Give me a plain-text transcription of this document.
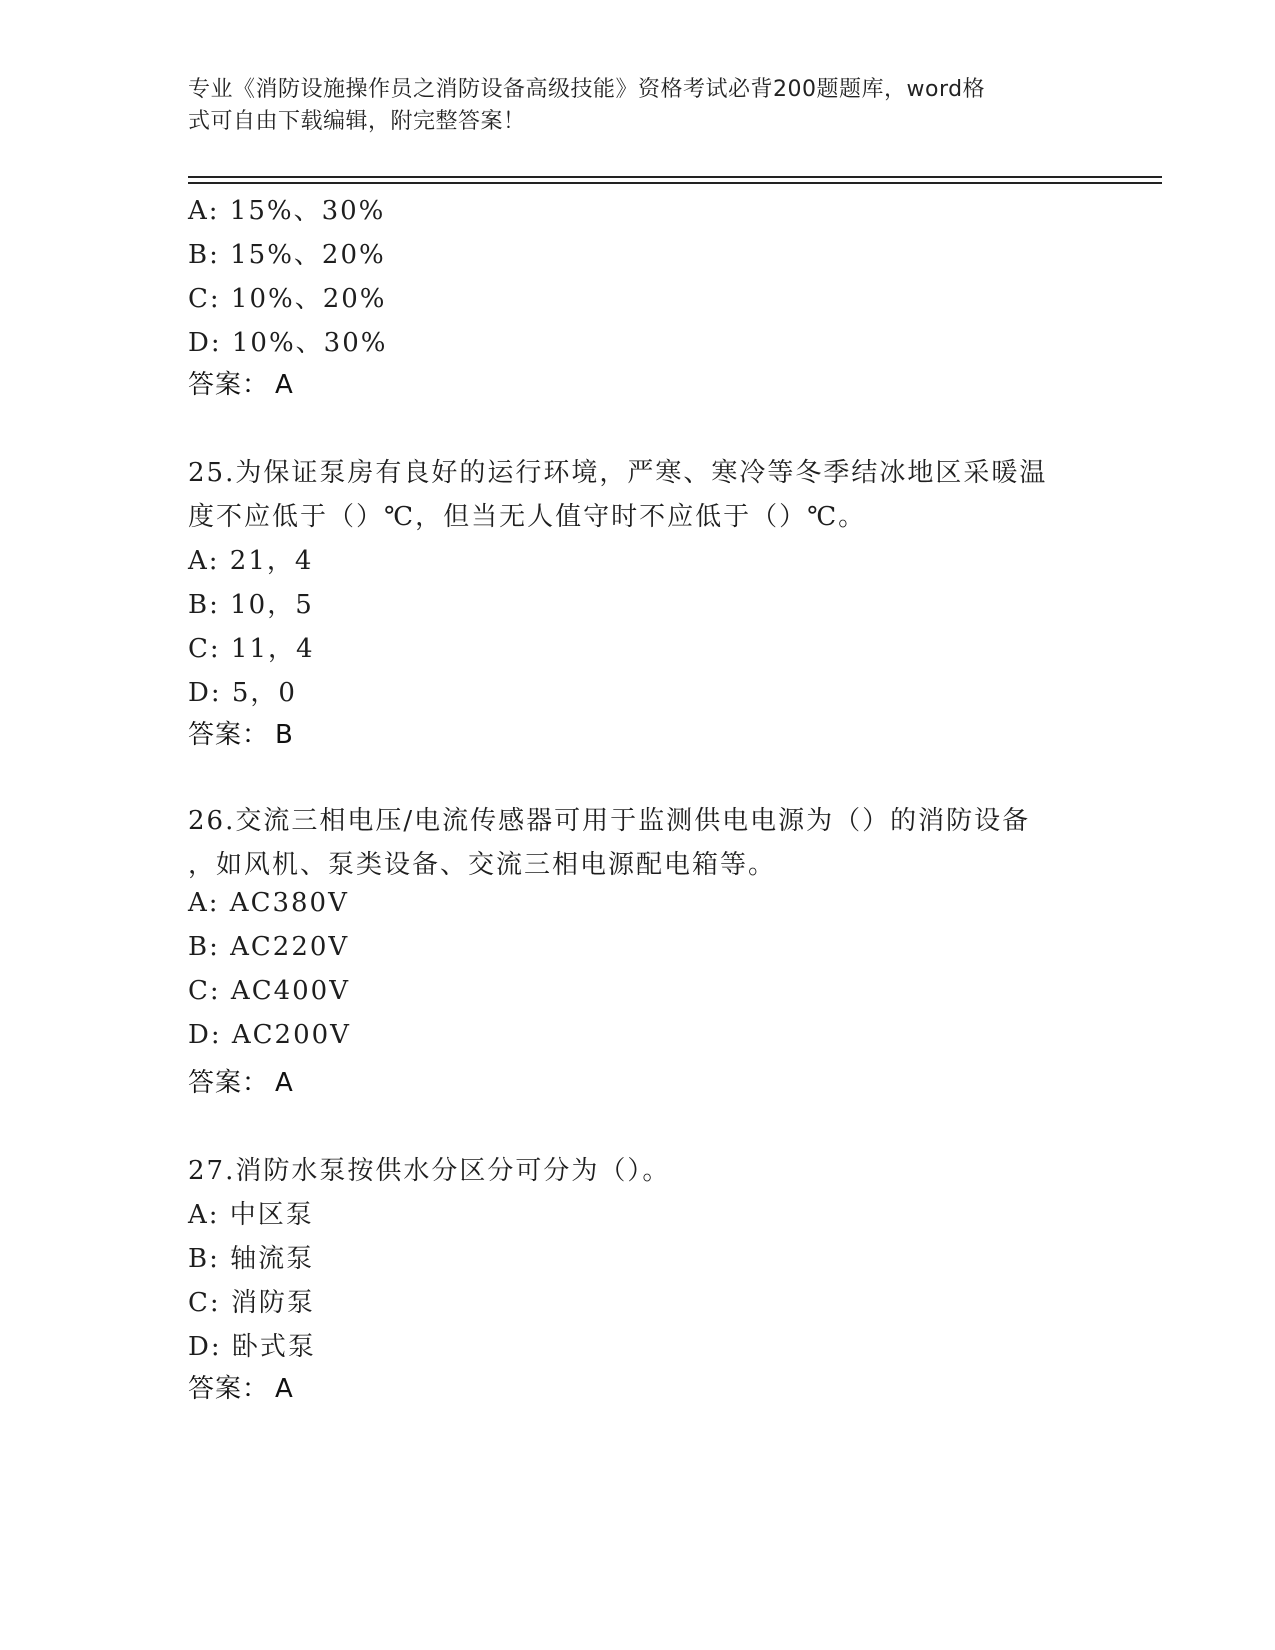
专业《消防设施操作员之消防设备高级技能》资格考试必背200题题库，word格
式可自由下载编辑，附完整答案！
A: 15%、30%
B: 15%、20%
C: 10%、20%
D: 10%、30%
答案： A
25.为保证泵房有良好的运行环境，严寒、寒冷等冬季结冰地区采暖温
度不应低于（）℃，但当无人值守时不应低于（）℃。
A: 21，4
B: 10，5
C: 11，4
D: 5，0
答案： B
26.交流三相电压/电流传感器可用于监测供电电源为（）的消防设备
，如风机、泵类设备、交流三相电源配电箱等。
A: AC380V
B: AC220V
C: AC400V
D: AC200V
答案： A
27.消防水泵按供水分区分可分为（）。
A: 中区泵
B: 轴流泵
C: 消防泵
D: 卧式泵
答案： A
